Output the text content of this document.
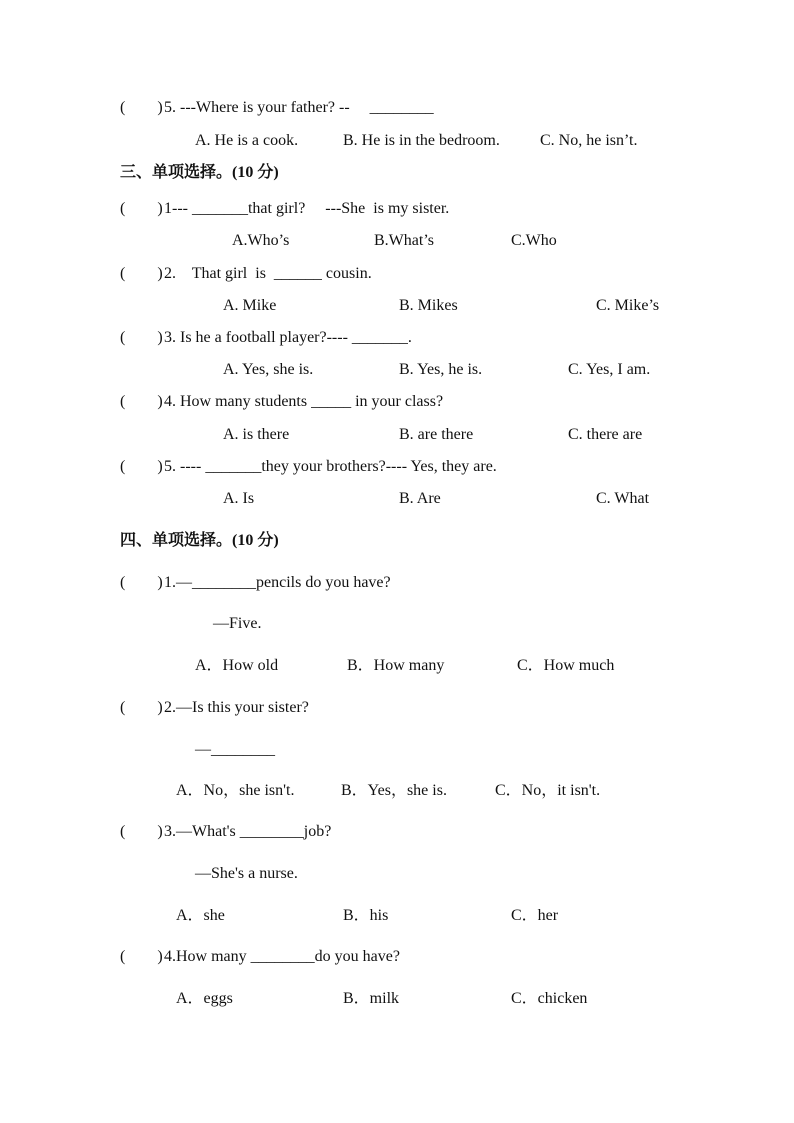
(        ) 5. ---Where is your father? --     ________
A. He is a cook.	B. He is in the bedroom.	C. No, he isn’t.
三、单项选择。(10 分)
(        ) 1--- _______that girl?     ---She  is my sister.
A.Who’s	B.What’s	C.Who
(        ) 2.    That girl  is  ______ cousin.
A. Mike	B. Mikes	C. Mike’s
(        ) 3. Is he a football player?---- _______.
A. Yes, she is.	B. Yes, he is.	C. Yes, I am.
(        ) 4. How many students _____ in your class?
A. is there	B. are there	C. there are
(        ) 5. ---- _______they your brothers?---- Yes, they are.
A. Is	B. Are	C. What
四、单项选择。(10 分)
(        ) 1.—________pencils do you have?
—Five.
A．How old	B．How many	C．How much
(        ) 2.—Is this your sister?
—________
A．No，she isn't.	B．Yes，she is.	C．No，it isn't.
(        ) 3.—What's ________job?
—She's a nurse.
A．she	B．his	C．her
(        ) 4.How many ________do you have?
A．eggs	B．milk	C．chicken
